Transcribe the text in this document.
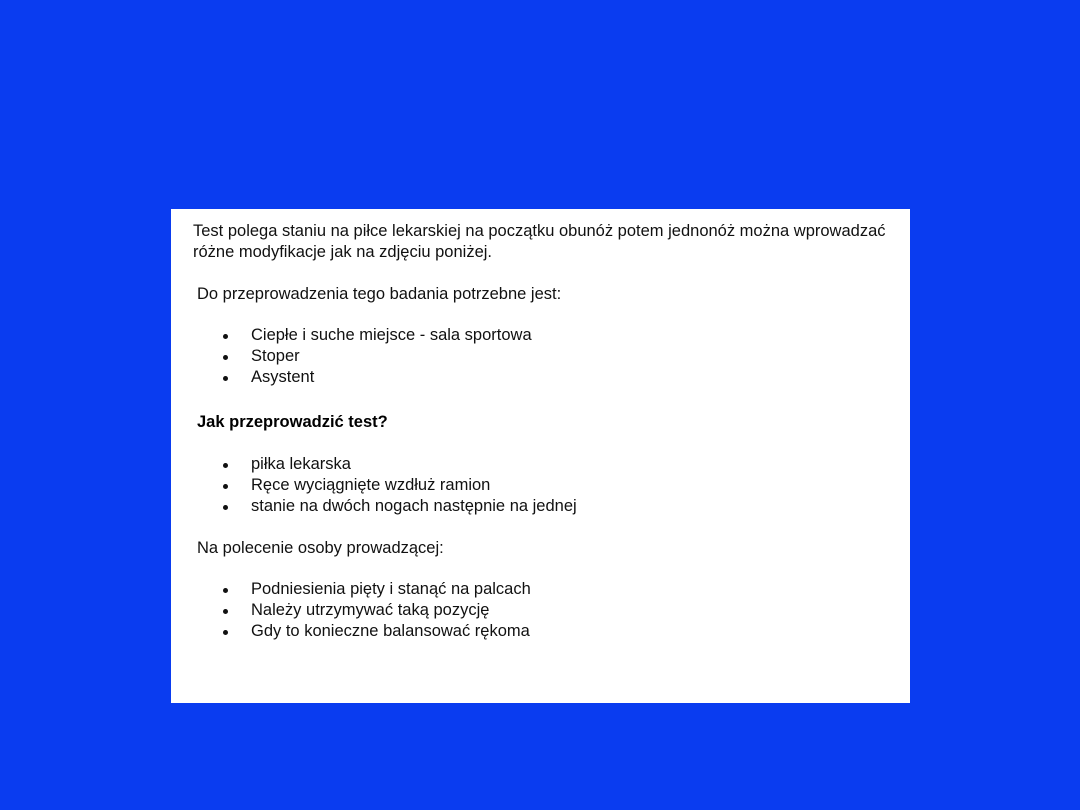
Test polega staniu na piłce lekarskiej na początku obunóż potem jednonóż można wprowadzać różne modyfikacje jak na zdjęciu poniżej.

Do przeprowadzenia tego badania potrzebne jest:

Ciepłe i suche miejsce - sala sportowa
Stoper
Asystent

Jak przeprowadzić test?

piłka lekarska
Ręce wyciągnięte wzdłuż ramion
stanie na dwóch nogach następnie na jednej

Na polecenie osoby prowadzącej:

Podniesienia pięty i stanąć na palcach
Należy utrzymywać taką pozycję
Gdy to konieczne balansować rękoma
